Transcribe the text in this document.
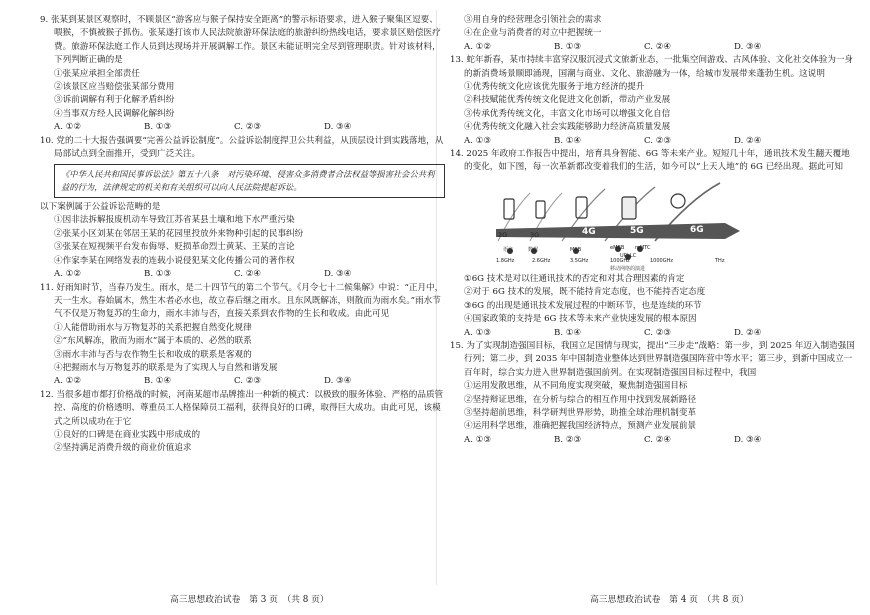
9. 张某到某景区观察时，不顾景区“游客应与猴子保持安全距离”的警示标语要求，进入猴子聚集区逗要、喂猴，不慎被猴子抓伤。张某遂打该市人民法院旅游环保法庭的旅游纠纷热线电话，要求景区赔偿医疗费。旅游环保法庭工作人员到达现场并开展调解工作。景区未能证明完全尽到管理职责。针对该材料，下列判断正确的是

①张某应承担全部责任

②该景区应当赔偿张某部分费用

③诉前调解有利于化解矛盾纠纷

④当事双方经人民调解化解纠纷

A. ①②	B. ①③	C. ②③	D. ③④

10. 党的二十大报告强调要“完善公益诉讼制度”。公益诉讼制度捍卫公共利益，从顶层设计到实践落地，从局部试点到全面推开，受到广泛关注。

《中华人民共和国民事诉讼法》第五十八条　对污染环境、侵害众多消费者合法权益等损害社会公共利益的行为，法律规定的机关和有关组织可以向人民法院提起诉讼。

以下案例属于公益诉讼范畴的是

①因非法拆解报废机动车导致江苏省某县土壤和地下水严重污染

②张某小区刘某在邻居王某的花园里投放外来物种引起的民事纠纷

③张某在短视频平台发布侮辱、贬损革命烈士黄某、王某的言论

④作家李某在网络发表的连载小说侵犯某文化传播公司的著作权

A. ①②	B. ①③	C. ②④	D. ③④

11. 好雨知时节，当春乃发生。雨水，是二十四节气的第二个节气。《月令七十二候集解》中说：“正月中，天一生水。春始属木，然生木者必水也，故立春后继之雨水。且东风既解冻，则散而为雨水矣。”雨水节气不仅是万物复苏的生命力，雨水丰沛与否，直接关系到农作物的生长和收成。由此可见

①人能借助雨水与万物复苏的关系把握自然变化规律

②“东风解冻，散而为雨水”属于本质的、必然的联系

③雨水丰沛与否与农作物生长和收成的联系是客观的

④把握雨水与万物复苏的联系是为了实现人与自然和谐发展

A. ①②	B. ①④	C. ②③	D. ③④

12. 当很多超市都打价格战的时候，河南某超市品牌推出一种新的模式：以极致的服务体验、严格的品质管控、高度的价格透明、尊重员工人格保障员工福利，获得良好的口碑，取得巨大成功。由此可见，该模式之所以成功在于它

①良好的口碑是在商业实践中形成成的

②坚持满足消费升级的商业价值追求

高三思想政治试卷　第 3 页　（共 8 页）

③用自身的经营理念引领社会的需求

④在企业与消费者的对立中把握统一

A. ①②	B. ①③	C. ②④	D. ③④

13. 蛇年新春，某市持续丰富穿汉服沉浸式文旅新业态，一批集空间游戏、古风体验、文化社交体验为一身的新消费场景顺即涌现，国潮与商业、文化、旅游融为一体，给城市发展带来蓬勃生机。这说明

①优秀传统文化应该优先服务于地方经济的提升

②科技赋能优秀传统文化促进文化创新，带动产业发展

③传承优秀传统文化，丰富文化市场可以增强文化自信

④优秀传统文化融入社会实践能够助力经济高质量发展

A. ①③	B. ①④	C. ②③	D. ②④

14. 2025 年政府工作报告中提出，培育具身智能、6G 等未来产业。短短几十年，通讯技术发生翻天覆地的变化，如下图，每一次革新都改变着我们的生活，如今可以“上天人地”的 6G 已经出现。据此可知

2G	3G	4G	5G	6G
语音	数据	MBB	eMBB mMTC
URLLC
1.8GHz	2.6GHz	3.5GHz	100GHz	1000GHz	THz
移动网络的演进

①6G 技术是对以往通讯技术的否定和对其合理因素的肯定

②对于 6G 技术的发展，既不能持肯定态度，也不能持否定态度

③6G 的出现是通讯技术发展过程的中断环节，也是连续的环节

④国家政策的支持是 6G 技术等未来产业快速发展的根本原因

A. ①③	B. ①④	C. ②③	D. ②④

15. 为了实现制造强国目标，我国立足国情与现实，提出“三步走”战略：第一步，到 2025 年迈入制造强国行列；第二步，到 2035 年中国制造业整体达到世界制造强国阵营中等水平；第三步，到新中国成立一百年时，综合实力进入世界制造强国前列。在实现制造强国目标过程中，我国

①运用发散思维，从不同角度实现突破，聚焦制造强国目标

②坚持辩证思维，在分析与综合的相互作用中找到发展新路径

③坚持超前思维，科学研判世界形势，助推全球治理机制变革

④运用科学思维，准确把握我国经济特点，预测产业发展前景

A. ①③	B. ②③	C. ②④	D. ③④
高三思想政治试卷　第 4 页　（共 8 页）
